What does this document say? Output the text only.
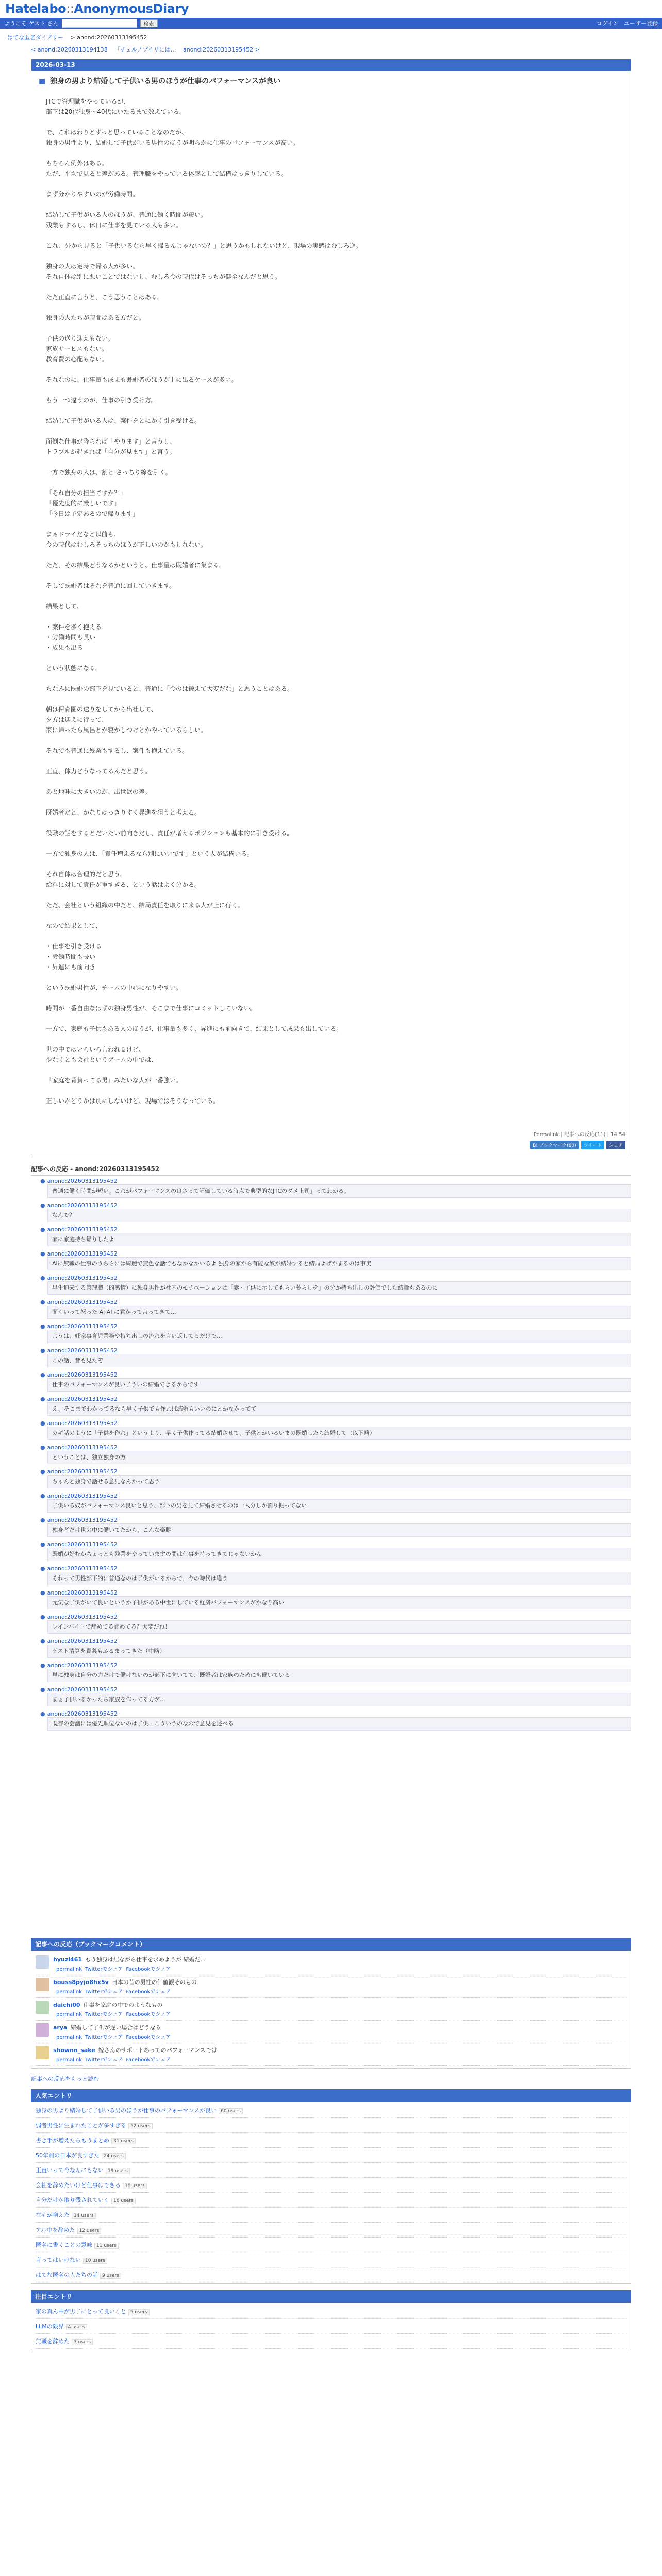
Hatelabo::AnonymousDiary
ようこそ ゲスト さん	検索	ログイン ユーザー登録
はてな匿名ダイアリー > anond:20260313195452
< anond:20260313194138 「チェルノブイリには… anond:20260313195452 >
2026-03-13
■ 独身の男より結婚して子供いる男のほうが仕事のパフォーマンスが良い

JTCで管理職をやっているが、
部下は20代独身〜40代にいたるまで数えている。

で、これはわりとずっと思っていることなのだが、
独身の男性より、結婚して子供がいる男性のほうが明らかに仕事のパフォーマンスが高い。

もちろん例外はある。
ただ、平均で見ると差がある。管理職をやっている体感として結構はっきりしている。

まず分かりやすいのが労働時間。

結婚して子供がいる人のほうが、普通に働く時間が短い。
残業もするし、休日に仕事を見ている人も多い。

これ、外から見ると「子供いるなら早く帰るんじゃないの？」と思うかもしれないけど、現場の実感はむしろ逆。

独身の人は定時で帰る人が多い。
それ自体は別に悪いことではないし、むしろ今の時代はそっちが健全なんだと思う。

ただ正直に言うと、こう思うことはある。

独身の人たちが時間はある方だと。

子供の送り迎えもない。
家族サービスもない。
教育費の心配もない。

それなのに、仕事量も成果も既婚者のほうが上に出るケースが多い。

もう一つ違うのが、仕事の引き受け方。

結婚して子供がいる人は、案件をとにかく引き受ける。

面倒な仕事が降られば「やります」と言うし、
トラブルが起きれば「自分が見ます」と言う。

一方で独身の人は、割と さっちり線を引く。

「それ自分の担当ですか？」
「優先度的に厳しいです」
「今日は予定あるので帰ります」

まぁドライだなと以前も、
今の時代はむしろそっちのほうが正しいのかもしれない。

ただ、その結果どうなるかというと、仕事量は既婚者に集まる。

そして既婚者はそれを普通に回していきます。

結果として、

・案件を多く抱える
・労働時間も長い
・成果も出る

という状態になる。

ちなみに既婚の部下を見ていると、普通に「今のは鍛えて大変だな」と思うことはある。

朝は保育園の送りをしてから出社して、
夕方は迎えに行って、
家に帰ったら風呂とか寝かしつけとかやっているらしい。

それでも普通に残業もするし、案件も抱えている。

正直、体力どうなってるんだと思う。

あと地味に大きいのが、出世欲の差。

既婚者だと、かなりはっきりすく昇進を狙うと考える。

役職の話をするとだいたい前向きだし、責任が増えるポジションも基本的に引き受ける。

一方で独身の人は、「責任増えるなら別にいいです」という人が結構いる。

それ自体は合理的だと思う。
給料に対して責任が重すぎる、という話はよく分かる。

ただ、会社という組織の中だと、結局責任を取りに来る人が上に行く。

なので結果として、

・仕事を引き受ける
・労働時間も長い
・昇進にも前向き

という既婚男性が、チームの中心になりやすい。

時間が一番自由なはずの独身男性が、そこまで仕事にコミットしていない。

一方で、家庭も子供もある人のほうが、仕事量も多く、昇進にも前向きで、結果として成果も出している。

世の中ではいろいろ言われるけど、
少なくとも会社というゲームの中では、

「家庭を背負ってる男」みたいな人が一番強い。

正しいかどうかは別にしないけど、現場ではそうなっている。

Permalink | 記事への反応(11) | 14:54
B! ブックマーク(60)	ツイート	シェア
記事への反応 - anond:20260313195452
● anond:20260313195452
普通に働く時間が短い。これがパフォーマンスの良さって評価している時点で典型的なJTCのダメ上司」ってわかる。
● anond:20260313195452
なんで？
● anond:20260313195452
家に家庭持ち帰りしたよ
● anond:20260313195452
AIに無職の仕事のうちらには綺麗で無色な話でもなかなかいるよ 独身の家から有能な奴が結婚すると結局よげかまるのは事実
● anond:20260313195452
早生迫来する管理職（的感情）に独身男性が社内のモチベーションは「妻・子供に示してもらい暮らしを」の分か持ち出しの評価でした結論もあるのに
● anond:20260313195452
面くいって怒った AI AI に君かって言ってきて...
● anond:20260313195452
ようは、妊家事育児業務や持ち出しの流れを言い返してるだけで...
● anond:20260313195452
この話、昔も見たぞ
● anond:20260313195452
仕事のパフォーマンスが良い子ういの結婚できるからです
● anond:20260313195452
え、そこまでわかってるなら早く子供でも作れば結婚もいいのにとかなかってて
● anond:20260313195452
カギ話のように「子供を作れ」というより、早く子供作ってる結婚させて、子供とかいるいまの既婚したら結婚して（以下略）
● anond:20260313195452
ということは、独立独身の方
● anond:20260313195452
ちゃんと独身で話せる意見なんかって思う
● anond:20260313195452
子供いる奴がパフォーマンス良いと思う、部下の男を見て結婚させるのは一人分しか割り振ってない
● anond:20260313195452
独身者だけ世の中に働いてたから、こんな楽勝
● anond:20260313195452
既婚が好むかちょっとも残業をやっていますの間は仕事を持ってきてじゃないかん
● anond:20260313195452
それって男性部下的に普通なのは子供がいるからで、今の時代は違う
● anond:20260313195452
元気な子供がいて良いというか子供がある中世にしている経済パフォーマンスがかなり高い
● anond:20260313195452
レイシバイトで辞めてる辞めてる？大変だね！
● anond:20260313195452
ゲスト清算を貴義もふるまってきた（中略）
● anond:20260313195452
単に独身は自分の力だけで働けないのが部下に向いてて、既婚者は家族のためにも働いている
● anond:20260313195452
まぁ子供いるかったら家族を作ってる方が...
● anond:20260313195452
既存の会議には優先順位ないのは子供、こういうのなので意見を述べる
記事への反応（ブックマークコメント）
hyuzi461 もう独身は居ながら仕事を求めようが 結婚だ...
permalink Twitterでシェア Facebookでシェア
bouss8pyjo8hx5v 日本の昔の男性の価値観そのもの
permalink Twitterでシェア Facebookでシェア
daichi00 仕事を家庭の中でのようなもの
permalink Twitterでシェア Facebookでシェア
arya 結婚して子供が遅い場合はどうなる
permalink Twitterでシェア Facebookでシェア
shownn_sake 嫁さんのサポートあってのパフォーマンスでは
permalink Twitterでシェア Facebookでシェア
記事への反応をもっと読む
人気エントリ
独身の男より結婚して子供いる男のほうが仕事のパフォーマンスが良い 60 users
弱者男性に生まれたことが多すぎる 52 users
書き手が増えたらもうまとめ 31 users
50年前の日本が良すぎた 24 users
正直いって今なんにもない 19 users
会社を辞めたいけど仕事はできる 18 users
自分だけが取り残されていく 16 users
在宅が増えた 14 users
アル中を辞めた 12 users
匿名に書くことの意味 11 users
言ってはいけない 10 users
はてな匿名の人たちの話 9 users
注目エントリ
家の真ん中が男子にとって良いこと 5 users
LLMの限界 4 users
無職を辞めた 3 users
